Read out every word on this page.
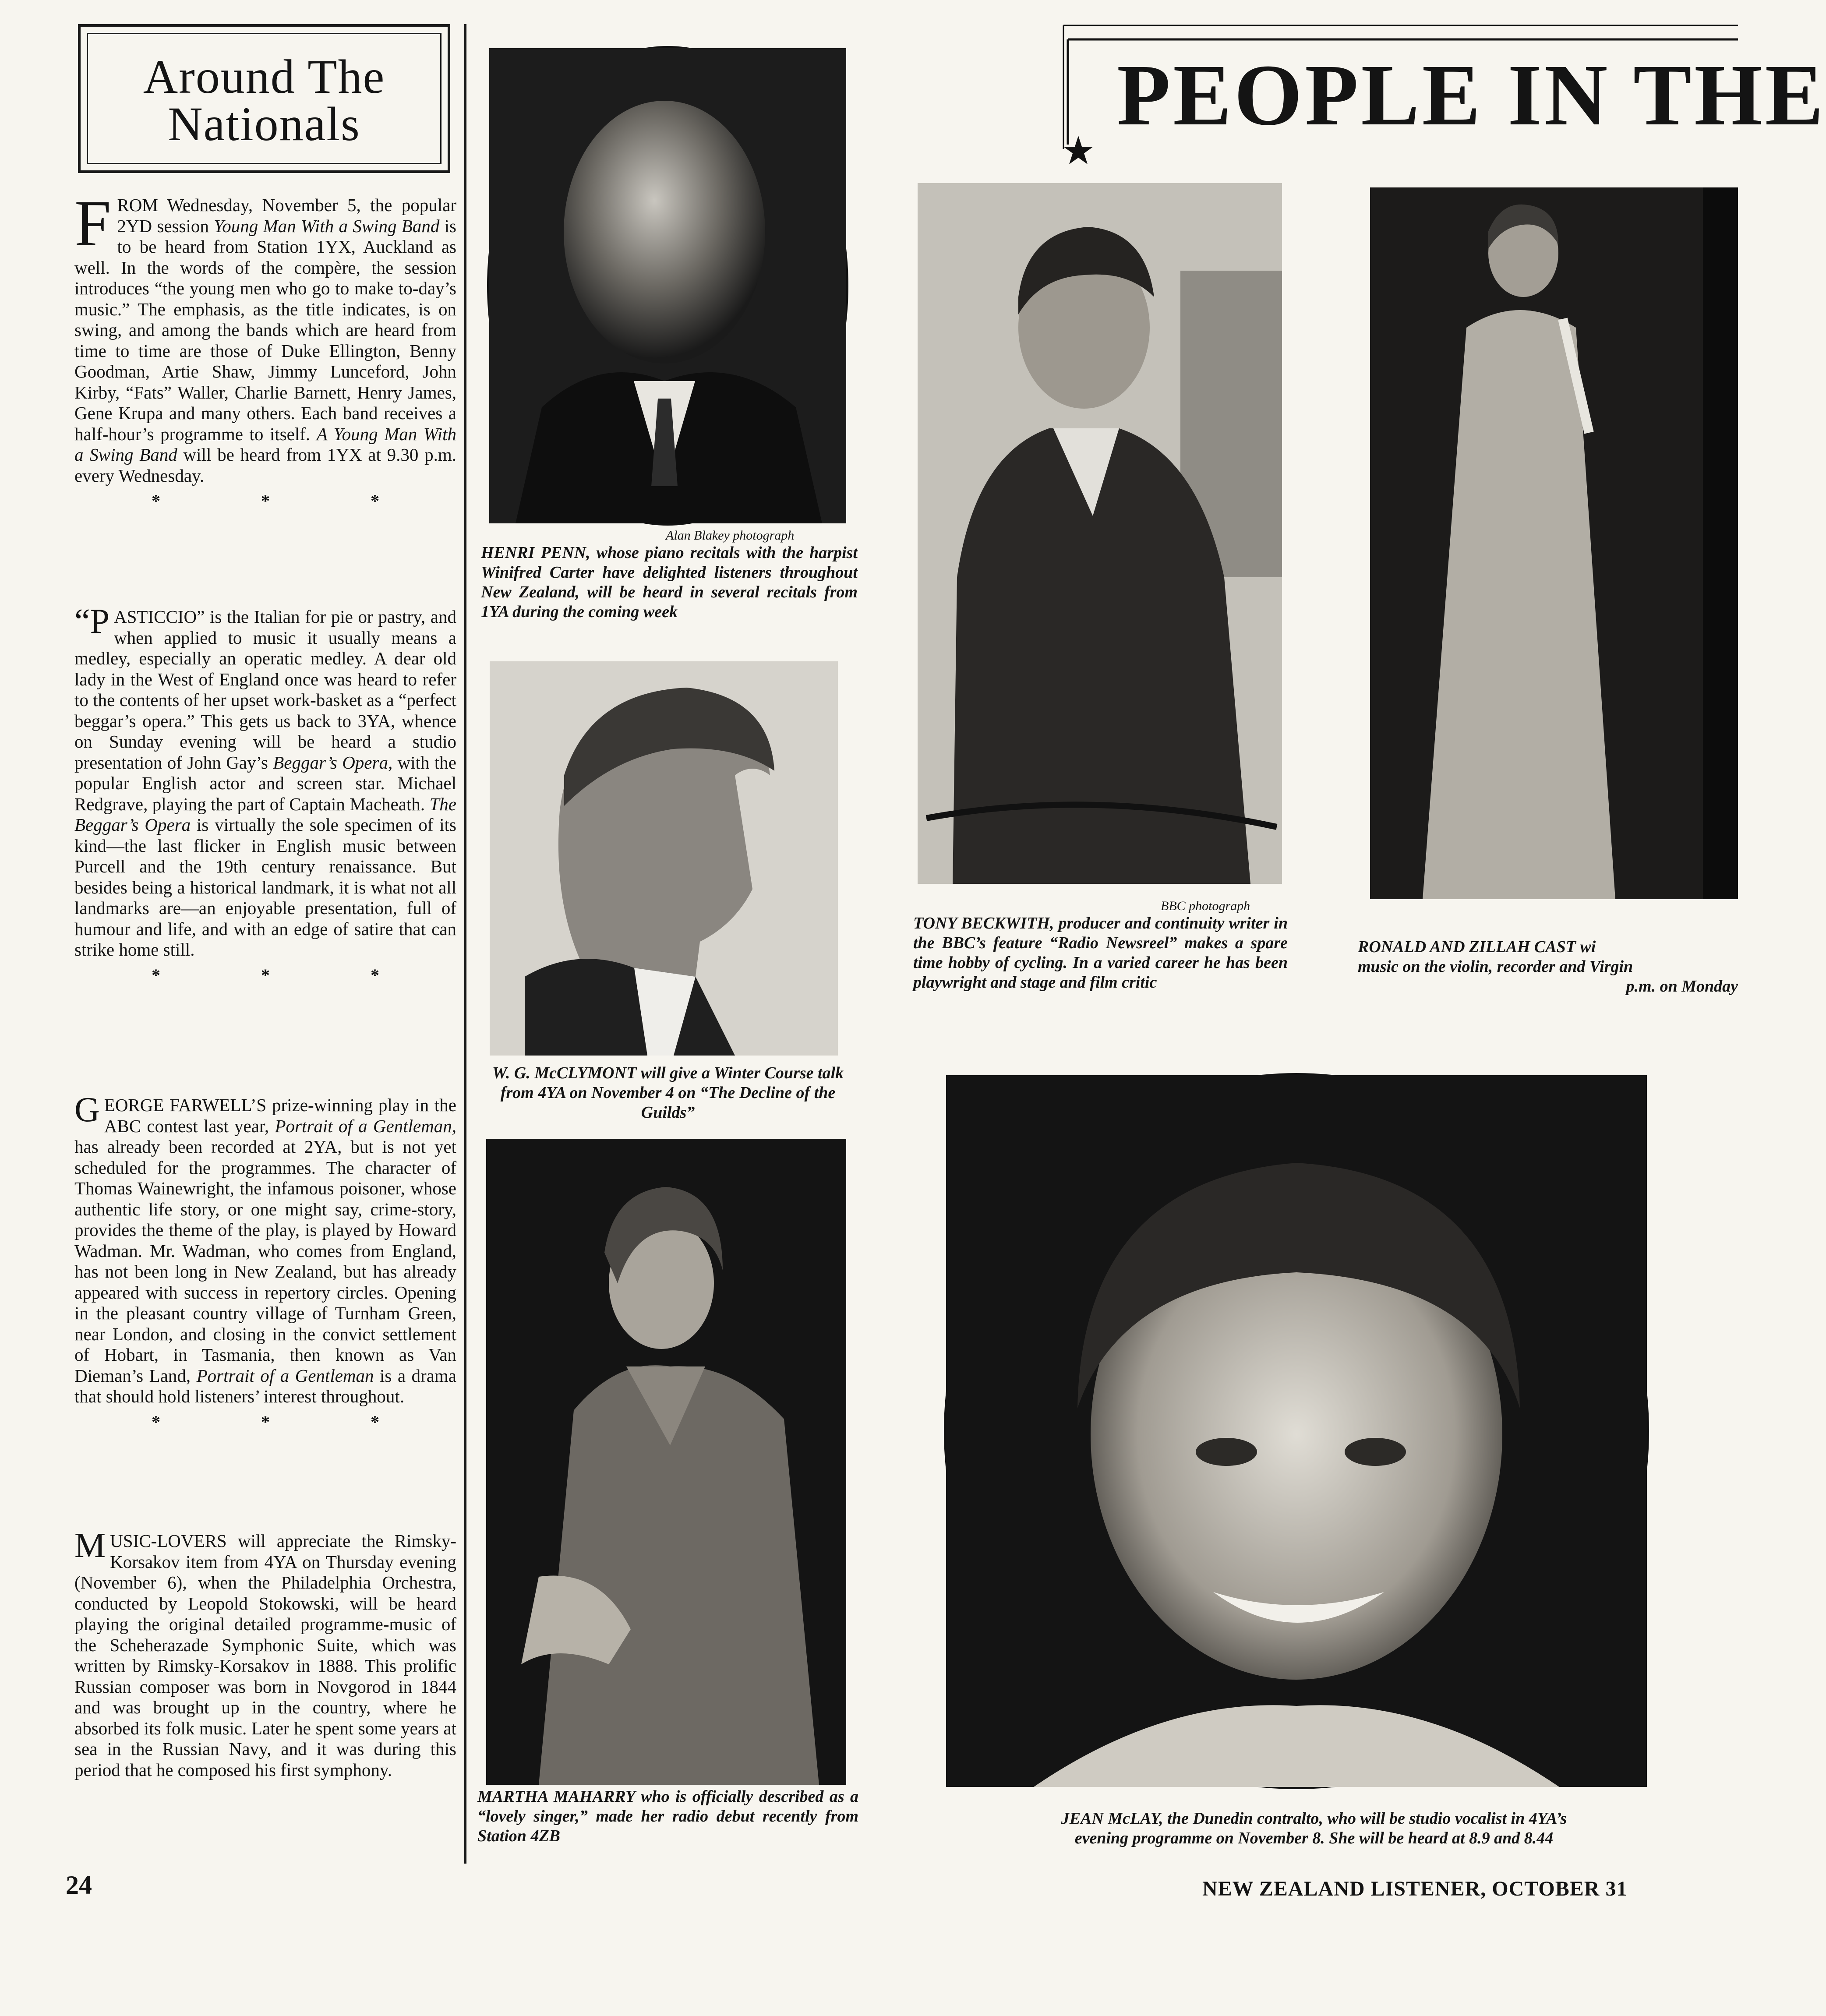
Around The
Nationals
F ROM Wednesday, November 5, the popular 2YD session Young Man With a Swing Band is to be heard from Station 1YX, Auckland as well. In the words of the compère, the session introduces “the young men who go to make to-day’s music.” The emphasis, as the title indicates, is on swing, and among the bands which are heard from time to time are those of Duke Ellington, Benny Goodman, Artie Shaw, Jimmy Lunceford, John Kirby, “Fats” Waller, Charlie Barnett, Henry James, Gene Krupa and many others. Each band receives a half-hour’s programme to itself. A Young Man With a Swing Band will be heard from 1YX at 9.30 p.m. every Wednesday.
* * *
“P ASTICCIO” is the Italian for pie or pastry, and when applied to music it usually means a medley, especially an operatic medley. A dear old lady in the West of England once was heard to refer to the contents of her upset work-basket as a “perfect beggar’s opera.” This gets us back to 3YA, whence on Sunday evening will be heard a studio presentation of John Gay’s Beggar’s Opera, with the popular English actor and screen star. Michael Redgrave, playing the part of Captain Macheath. The Beggar’s Opera is virtually the sole specimen of its kind—the last flicker in English music between Purcell and the 19th century renaissance. But besides being a historical landmark, it is what not all landmarks are—an enjoyable presentation, full of humour and life, and with an edge of satire that can strike home still.
* * *
G EORGE FARWELL’S prize-winning play in the ABC contest last year, Portrait of a Gentleman, has already been recorded at 2YA, but is not yet scheduled for the programmes. The character of Thomas Wainewright, the infamous poisoner, whose authentic life story, or one might say, crime-story, provides the theme of the play, is played by Howard Wadman. Mr. Wadman, who comes from England, has not been long in New Zealand, but has already appeared with success in repertory circles. Opening in the pleasant country village of Turnham Green, near London, and closing in the convict settlement of Hobart, in Tasmania, then known as Van Dieman’s Land, Portrait of a Gentleman is a drama that should hold listeners’ interest throughout.
* * *
M USIC-LOVERS will appreciate the Rimsky-Korsakov item from 4YA on Thursday evening (November 6), when the Philadelphia Orchestra, conducted by Leopold Stokowski, will be heard playing the original detailed programme-music of the Scheherazade Symphonic Suite, which was written by Rimsky-Korsakov in 1888. This prolific Russian composer was born in Novgorod in 1844 and was brought up in the country, where he absorbed its folk music. Later he spent some years at sea in the Russian Navy, and it was during this period that he composed his first symphony.
Alan Blakey photograph
HENRI PENN, whose piano recitals with the harpist Winifred Carter have delighted listeners throughout New Zealand, will be heard in several recitals from 1YA during the coming week
W. G. McCLYMONT will give a Winter Course talk from 4YA on November 4 on “The Decline of the Guilds”
MARTHA MAHARRY who is officially described as a “lovely singer,” made her radio debut recently from Station 4ZB
PEOPLE IN THE
BBC photograph
TONY BECKWITH, producer and continuity writer in the BBC’s feature “Radio Newsreel” makes a spare time hobby of cycling. In a varied career he has been playwright and stage and film critic
RONALD AND ZILLAH CAST wi
music on the violin, recorder and Virgin
p.m. on Monday
JEAN McLAY, the Dunedin contralto, who will be studio vocalist in 4YA’s
evening programme on November 8. She will be heard at 8.9 and 8.44
24	NEW ZEALAND LISTENER, OCTOBER 31
